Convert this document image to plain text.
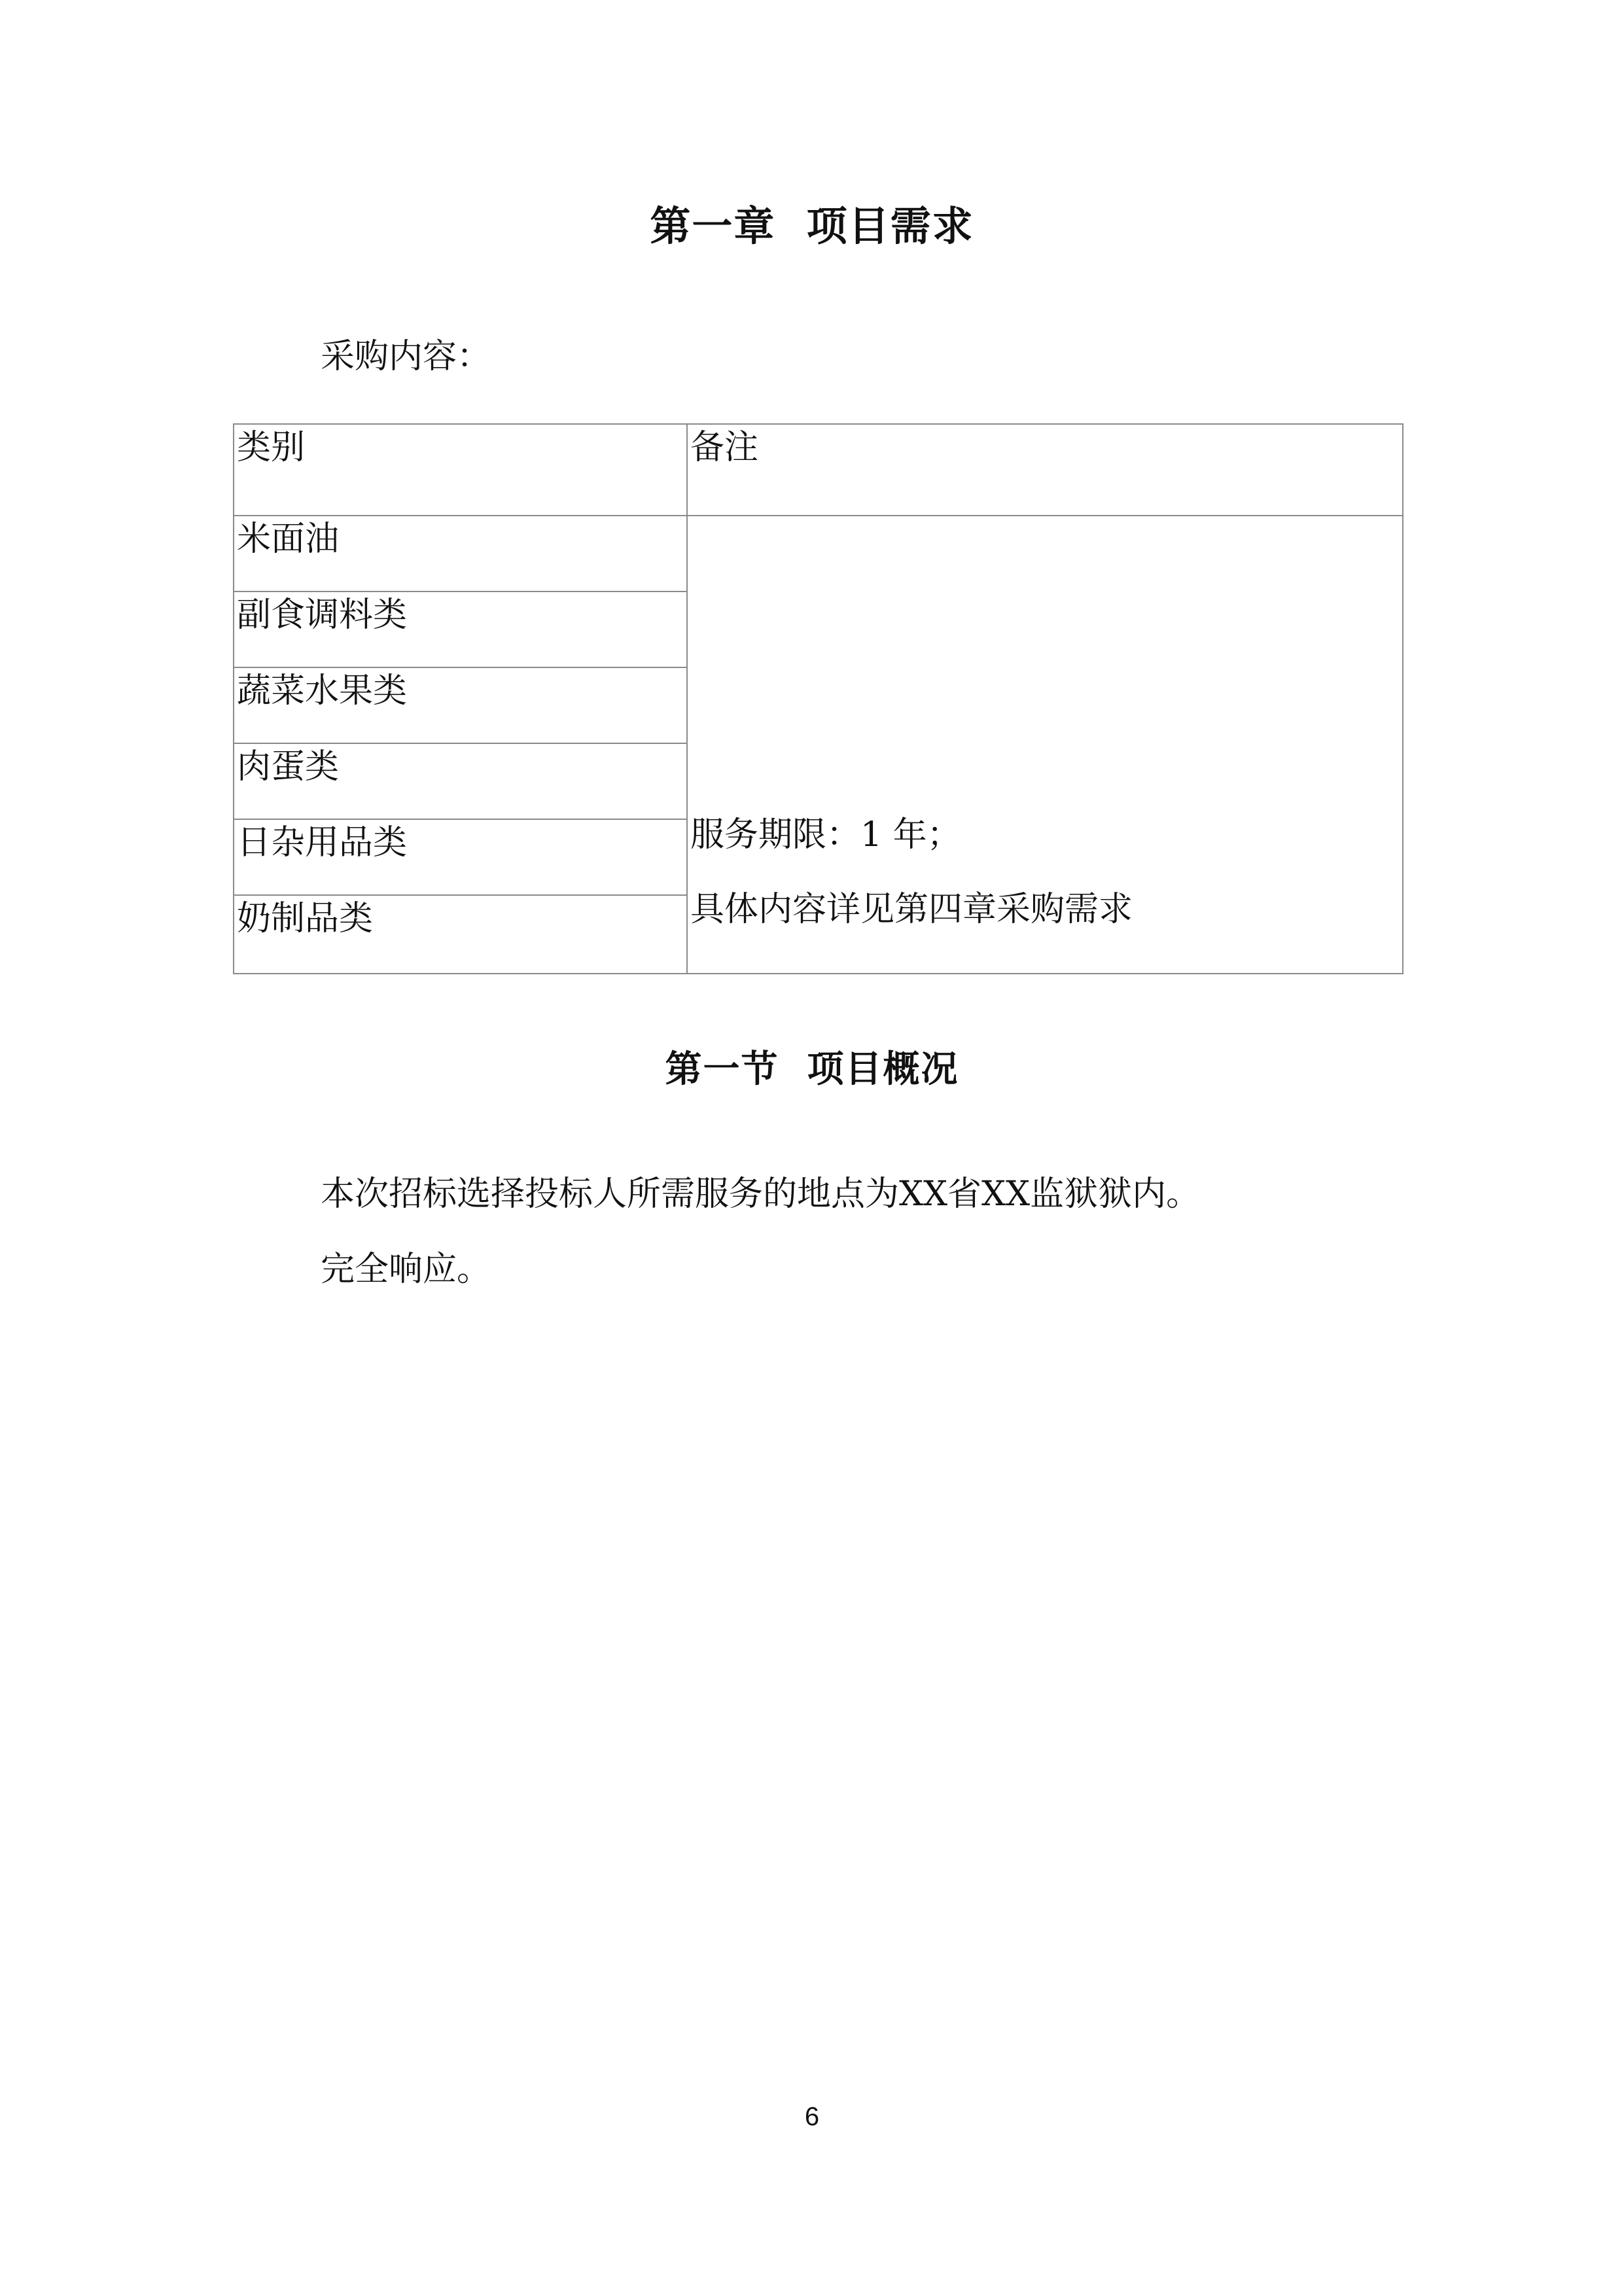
第一章  项目需求
采购内容：
类别	备注
米面油	服务期限：1 年；
具体内容详见第四章采购需求

副食调料类	
蔬菜水果类	
肉蛋类	
日杂用品类	
奶制品类	
第一节  项目概况
本次招标选择投标人所需服务的地点为XX省XX监狱狱内。
完全响应。
6
